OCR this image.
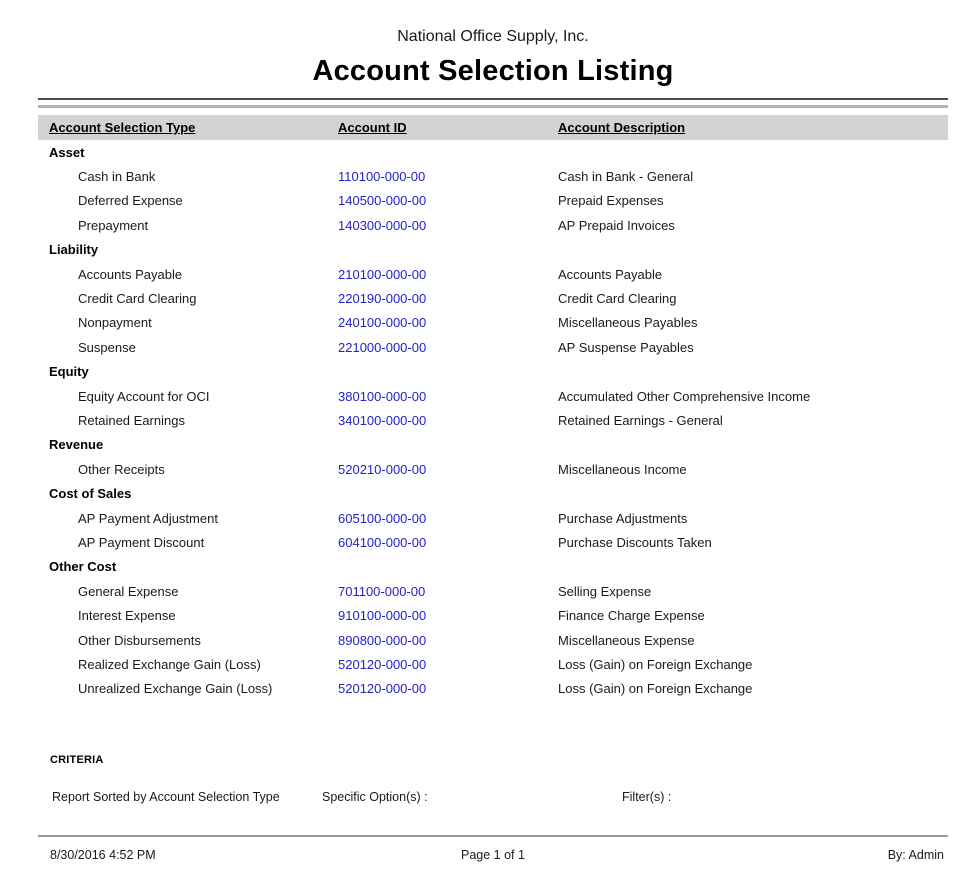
National Office Supply, Inc.
Account Selection Listing
Account Selection Type	Account ID	Account Description
Asset
Cash in Bank	110100-000-00	Cash in Bank - General
Deferred Expense	140500-000-00	Prepaid Expenses
Prepayment	140300-000-00	AP Prepaid Invoices
Liability
Accounts Payable	210100-000-00	Accounts Payable
Credit Card Clearing	220190-000-00	Credit Card Clearing
Nonpayment	240100-000-00	Miscellaneous Payables
Suspense	221000-000-00	AP Suspense Payables
Equity
Equity Account for OCI	380100-000-00	Accumulated Other Comprehensive Income
Retained Earnings	340100-000-00	Retained Earnings - General
Revenue
Other Receipts	520210-000-00	Miscellaneous Income
Cost of Sales
AP Payment Adjustment	605100-000-00	Purchase Adjustments
AP Payment Discount	604100-000-00	Purchase Discounts Taken
Other Cost
General Expense	701100-000-00	Selling Expense
Interest Expense	910100-000-00	Finance Charge Expense
Other Disbursements	890800-000-00	Miscellaneous Expense
Realized Exchange Gain (Loss)	520120-000-00	Loss (Gain) on Foreign Exchange
Unrealized Exchange Gain (Loss)	520120-000-00	Loss (Gain) on Foreign Exchange
CRITERIA
Report Sorted by Account Selection Type	Specific Option(s) :	Filter(s) :
8/30/2016 4:52 PM	Page 1 of 1	By: Admin
